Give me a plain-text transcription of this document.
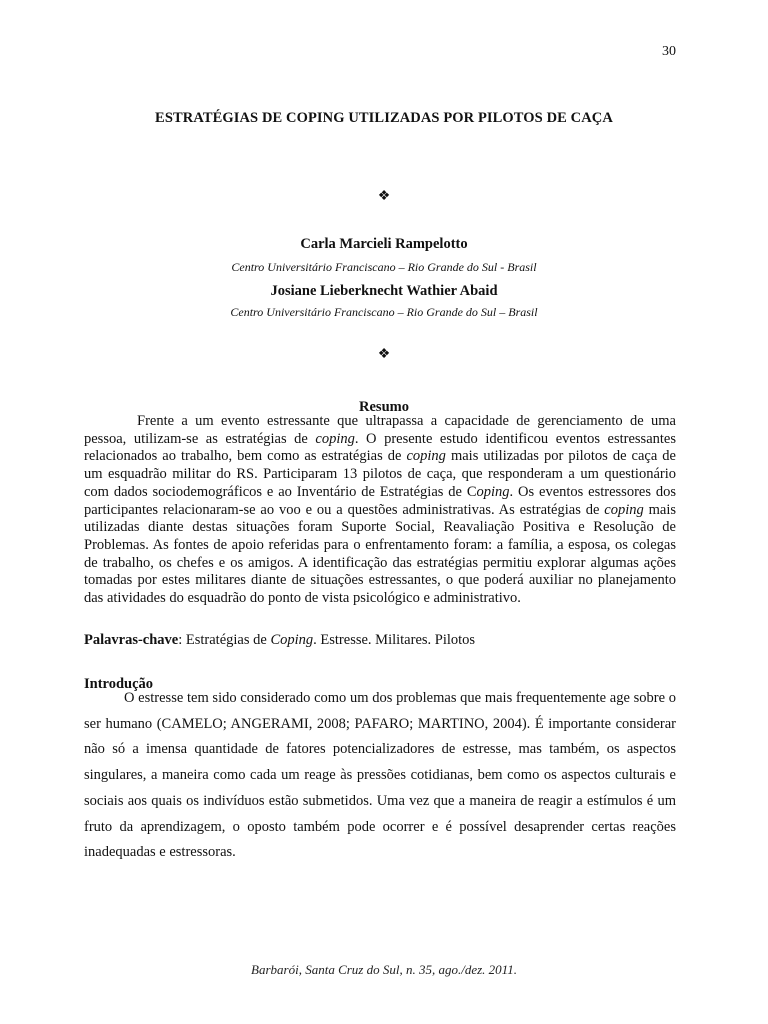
30
ESTRATÉGIAS DE COPING UTILIZADAS POR PILOTOS DE CAÇA
❖
Carla Marcieli Rampelotto
Centro Universitário Franciscano – Rio Grande do Sul - Brasil
Josiane Lieberknecht Wathier Abaid
Centro Universitário Franciscano – Rio Grande do Sul – Brasil
❖
Resumo

Frente a um evento estressante que ultrapassa a capacidade de gerenciamento de uma pessoa, utilizam-se as estratégias de coping. O presente estudo identificou eventos estressantes relacionados ao trabalho, bem como as estratégias de coping mais utilizadas por pilotos de caça de um esquadrão militar do RS. Participaram 13 pilotos de caça, que responderam a um questionário com dados sociodemográficos e ao Inventário de Estratégias de Coping. Os eventos estressores dos participantes relacionaram-se ao voo e ou a questões administrativas. As estratégias de coping mais utilizadas diante destas situações foram Suporte Social, Reavaliação Positiva e Resolução de Problemas. As fontes de apoio referidas para o enfrentamento foram: a família, a esposa, os colegas de trabalho, os chefes e os amigos. A identificação das estratégias permitiu explorar algumas ações tomadas por estes militares diante de situações estressantes, o que poderá auxiliar no planejamento das atividades do esquadrão do ponto de vista psicológico e administrativo.

Palavras-chave: Estratégias de Coping. Estresse. Militares. Pilotos

Introdução

O estresse tem sido considerado como um dos problemas que mais frequentemente age sobre o ser humano (CAMELO; ANGERAMI, 2008; PAFARO; MARTINO, 2004). É importante considerar não só a imensa quantidade de fatores potencializadores de estresse, mas também, os aspectos singulares, a maneira como cada um reage às pressões cotidianas, bem como os aspectos culturais e sociais aos quais os indivíduos estão submetidos. Uma vez que a maneira de reagir a estímulos é um fruto da aprendizagem, o oposto também pode ocorrer e é possível desaprender certas reações inadequadas e estressoras.

Barbarói, Santa Cruz do Sul, n. 35, ago./dez. 2011.
